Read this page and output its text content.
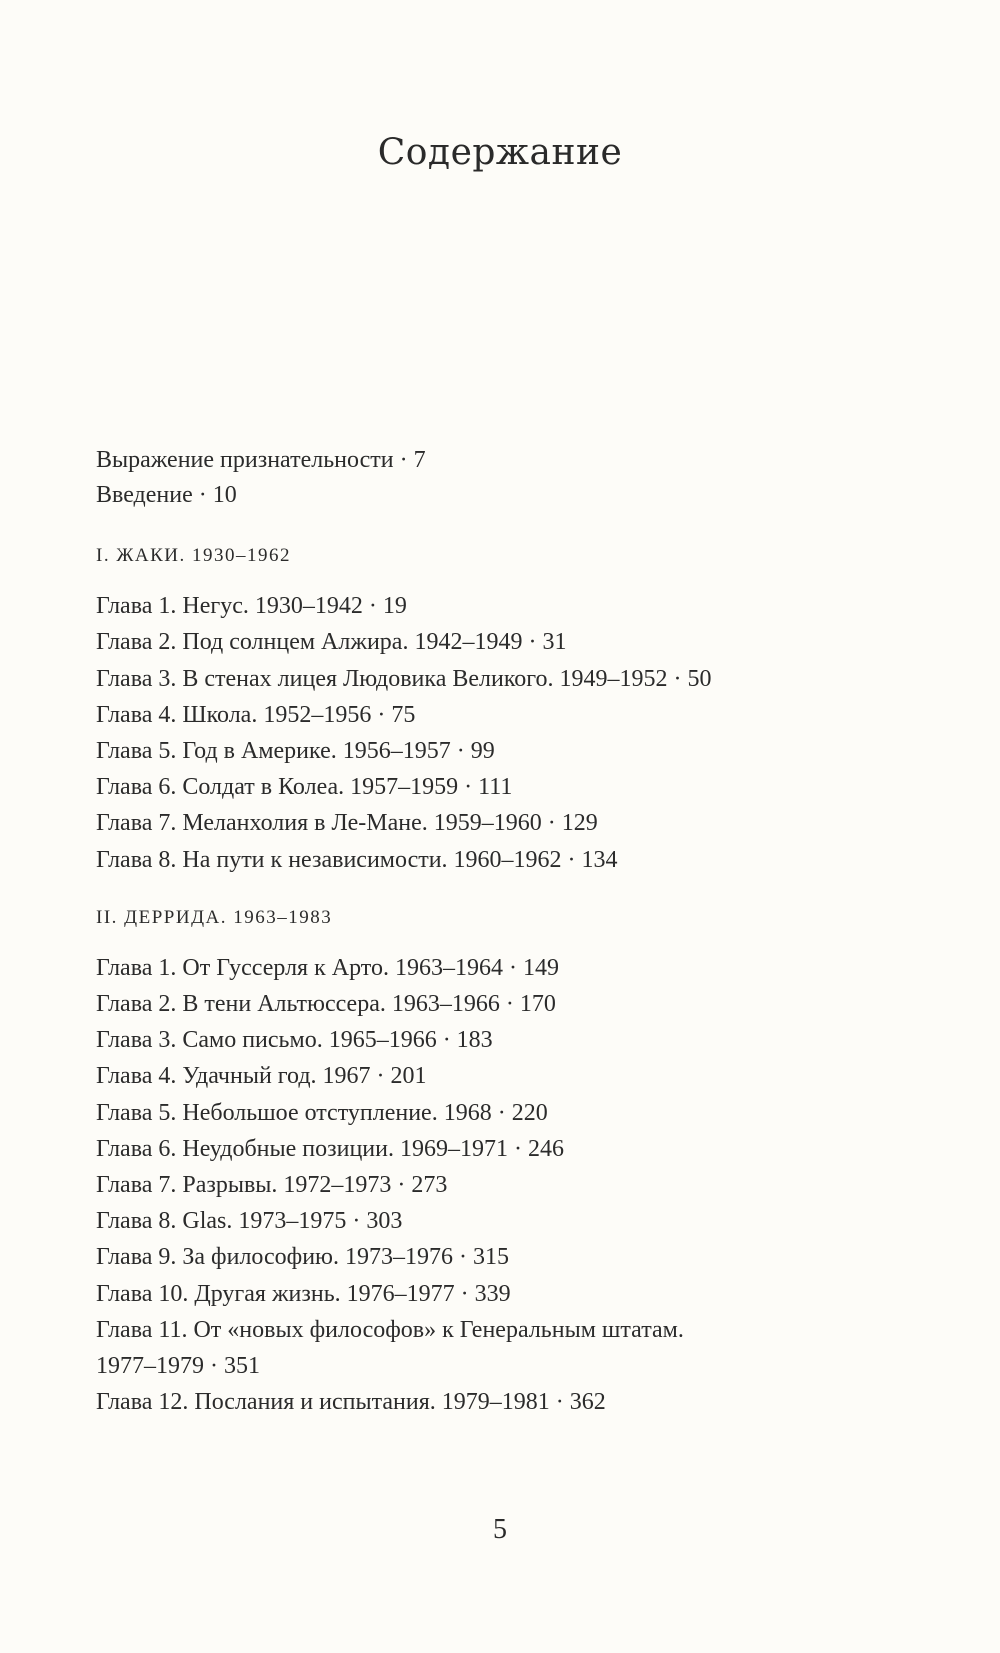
Содержание
Выражение признательности · 7
Введение · 10
I. ЖАКИ. 1930–1962
Глава 1. Негус. 1930–1942 · 19
Глава 2. Под солнцем Алжира. 1942–1949 · 31
Глава 3. В стенах лицея Людовика Великого. 1949–1952 · 50
Глава 4. Школа. 1952–1956 · 75
Глава 5. Год в Америке. 1956–1957 · 99
Глава 6. Солдат в Колеа. 1957–1959 · 111
Глава 7. Меланхолия в Ле-Мане. 1959–1960 · 129
Глава 8. На пути к независимости. 1960–1962 · 134
II. ДЕРРИДА. 1963–1983
Глава 1. От Гуссерля к Арто. 1963–1964 · 149
Глава 2. В тени Альтюссера. 1963–1966 · 170
Глава 3. Само письмо. 1965–1966 · 183
Глава 4. Удачный год. 1967 · 201
Глава 5. Небольшое отступление. 1968 · 220
Глава 6. Неудобные позиции. 1969–1971 · 246
Глава 7. Разрывы. 1972–1973 · 273
Глава 8. Glas. 1973–1975 · 303
Глава 9. За философию. 1973–1976 · 315
Глава 10. Другая жизнь. 1976–1977 · 339
Глава 11. От «новых философов» к Генеральным штатам.
1977–1979 · 351
Глава 12. Послания и испытания. 1979–1981 · 362
5
